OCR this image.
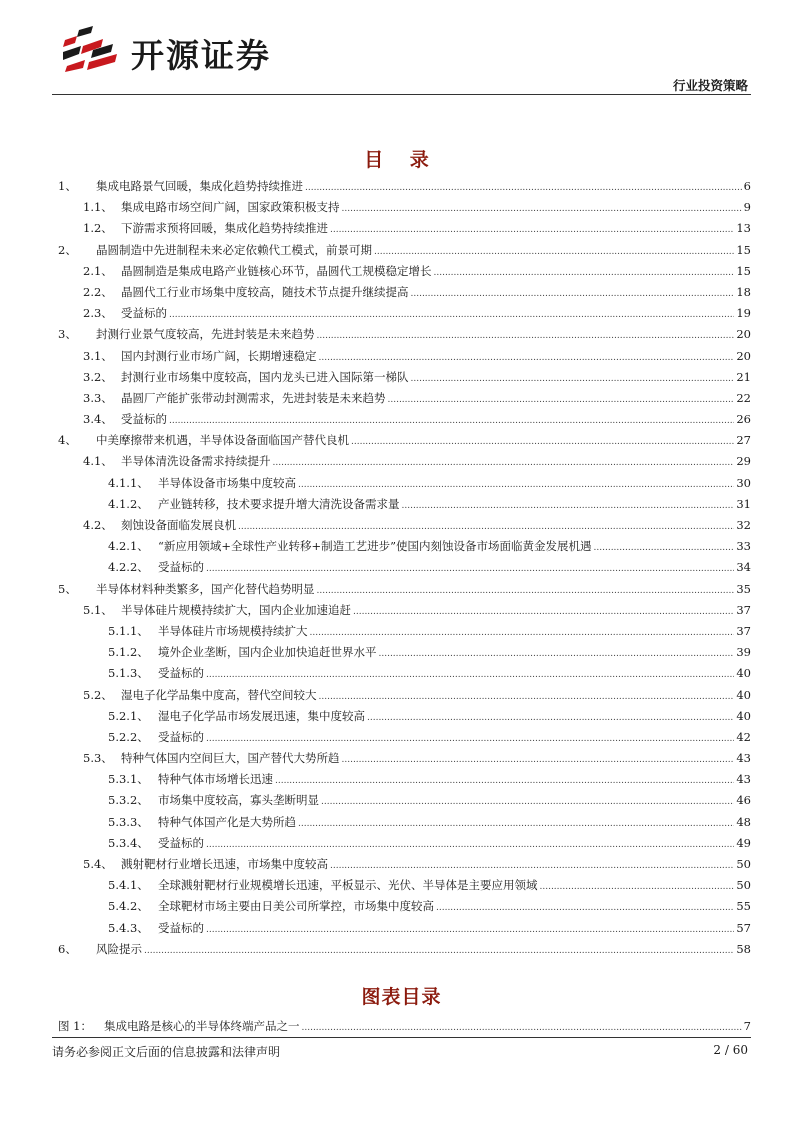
开源证券
行业投资策略
目 录
1、	集成电路景气回暖，集成化趋势持续推进 .....	6
1.1、 集成电路市场空间广阔，国家政策积极支持 .....	9
1.2、 下游需求预将回暖，集成化趋势持续推进 .....	13
2、	晶圆制造中先进制程未来必定依赖代工模式，前景可期 .....	15
2.1、 晶圆制造是集成电路产业链核心环节，晶圆代工规模稳定增长 .....	15
2.2、 晶圆代工行业市场集中度较高，随技术节点提升继续提高 .....	18
2.3、 受益标的 .....	19
3、	封测行业景气度较高，先进封装是未来趋势 .....	20
3.1、 国内封测行业市场广阔，长期增速稳定 .....	20
3.2、 封测行业市场集中度较高，国内龙头已进入国际第一梯队 .....	21
3.3、 晶圆厂产能扩张带动封测需求，先进封装是未来趋势 .....	22
3.4、 受益标的 .....	26
4、	中美摩擦带来机遇，半导体设备面临国产替代良机 .....	27
4.1、 半导体清洗设备需求持续提升 .....	29
4.1.1、 半导体设备市场集中度较高 .....	30
4.1.2、 产业链转移，技术要求提升增大清洗设备需求量 .....	31
4.2、 刻蚀设备面临发展良机 .....	32
4.2.1、 “新应用领域+全球性产业转移+制造工艺进步”使国内刻蚀设备市场面临黄金发展机遇 .....	33
4.2.2、 受益标的 .....	34
5、	半导体材料种类繁多，国产化替代趋势明显 .....	35
5.1、 半导体硅片规模持续扩大，国内企业加速追赶 .....	37
5.1.1、 半导体硅片市场规模持续扩大 .....	37
5.1.2、 境外企业垄断，国内企业加快追赶世界水平 .....	39
5.1.3、 受益标的 .....	40
5.2、 湿电子化学品集中度高，替代空间较大 .....	40
5.2.1、 湿电子化学品市场发展迅速，集中度较高 .....	40
5.2.2、 受益标的 .....	42
5.3、 特种气体国内空间巨大，国产替代大势所趋 .....	43
5.3.1、 特种气体市场增长迅速 .....	43
5.3.2、 市场集中度较高，寡头垄断明显 .....	46
5.3.3、 特种气体国产化是大势所趋 .....	48
5.3.4、 受益标的 .....	49
5.4、 溅射靶材行业增长迅速，市场集中度较高 .....	50
5.4.1、 全球溅射靶材行业规模增长迅速，平板显示、光伏、半导体是主要应用领域 .....	50
5.4.2、 全球靶材市场主要由日美公司所掌控，市场集中度较高 .....	55
5.4.3、 受益标的 .....	57
6、	风险提示 .....	58
图表目录
图 1：	集成电路是核心的半导体终端产品之一 .....	7
请务必参阅正文后面的信息披露和法律声明	2 / 60
